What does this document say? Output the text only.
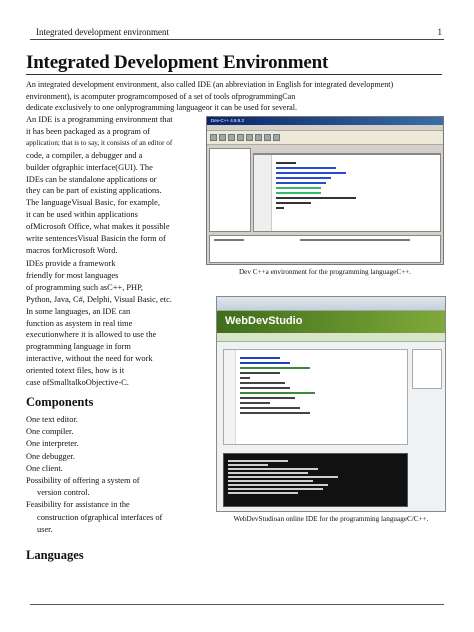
Integrated development environment	1
Integrated Development Environment
An integrated development environment, also called IDE (an abbreviation in English for integrated development)
environment), is acomputer programcomposed of a set of tools ofprogrammingCan
dedicate exclusively to one onlyprogramming languageor it can be used for several.
An IDE is a programming environment that
it has been packaged as a program of
application; that is to say, it consists of an editor of
code, a compiler, a debugger and a
builder ofgraphic interface(GUI). The
IDEs can be standalone applications or
they can be part of existing applications.
The languageVisual Basic, for example,
it can be used within applications
ofMicrosoft Office, what makes it possible
write sentencesVisual Basicin the form of
macros forMicrosoft Word.
IDEs provide a framework
friendly for most languages
of programming such asC++, PHP,
Python, Java, C#, Delphi, Visual Basic, etc.
In some languages, an IDE can
function as asystem in real time
executionwhere it is allowed to use the
programming language in form
interactive, without the need for work
oriented totext files, how is it
case ofSmalltalkoObjective-C.
Components
One text editor.
One compiler.
One interpreter.
One debugger.
One client.
Possibility of offering a system of
version control.
Feasibility for assistance in the
construction ofgraphical interfaces of
user.
Languages
Dev-C++ 4.9.9.2
Dev C++a environment for the programming languageC++.
WebDevStudio
WebDevStudioan online IDE for the programming languageC/C++.
